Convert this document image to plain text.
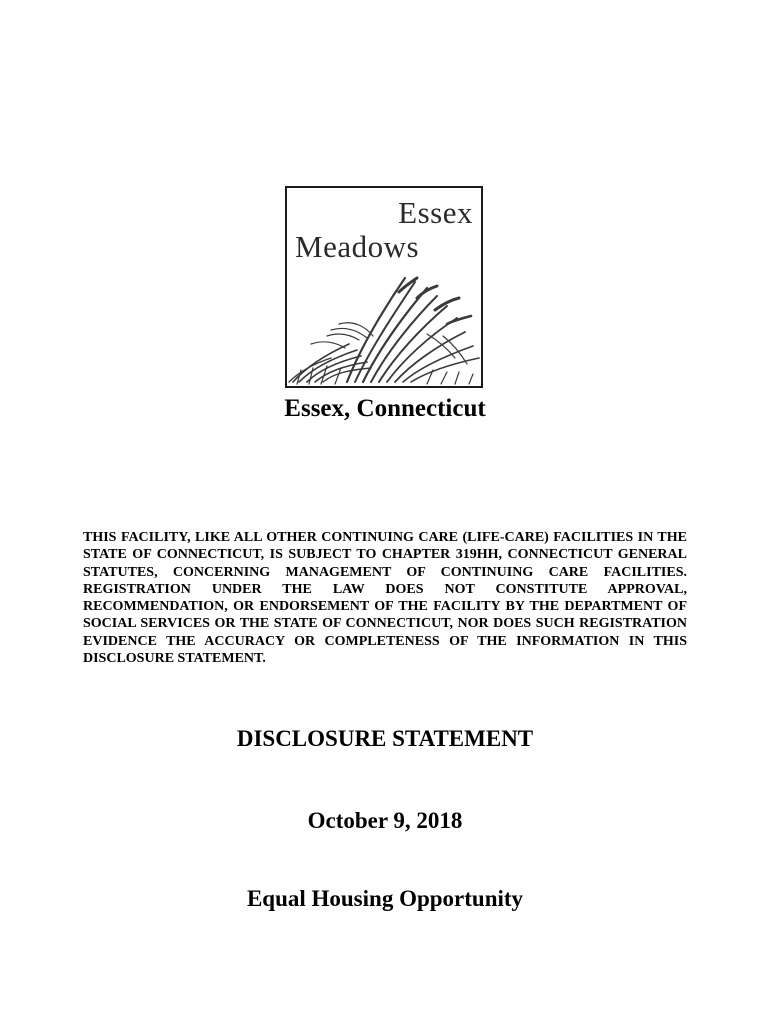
Essex
Meadows
Essex, Connecticut

THIS FACILITY, LIKE ALL OTHER CONTINUING CARE (LIFE-CARE) FACILITIES IN THE STATE OF CONNECTICUT, IS SUBJECT TO CHAPTER 319HH, CONNECTICUT GENERAL STATUTES, CONCERNING MANAGEMENT OF CONTINUING CARE FACILITIES. REGISTRATION UNDER THE LAW DOES NOT CONSTITUTE APPROVAL, RECOMMENDATION, OR ENDORSEMENT OF THE FACILITY BY THE DEPARTMENT OF SOCIAL SERVICES OR THE STATE OF CONNECTICUT, NOR DOES SUCH REGISTRATION EVIDENCE THE ACCURACY OR COMPLETENESS OF THE INFORMATION IN THIS DISCLOSURE STATEMENT.

DISCLOSURE STATEMENT
October 9, 2018
Equal Housing Opportunity
